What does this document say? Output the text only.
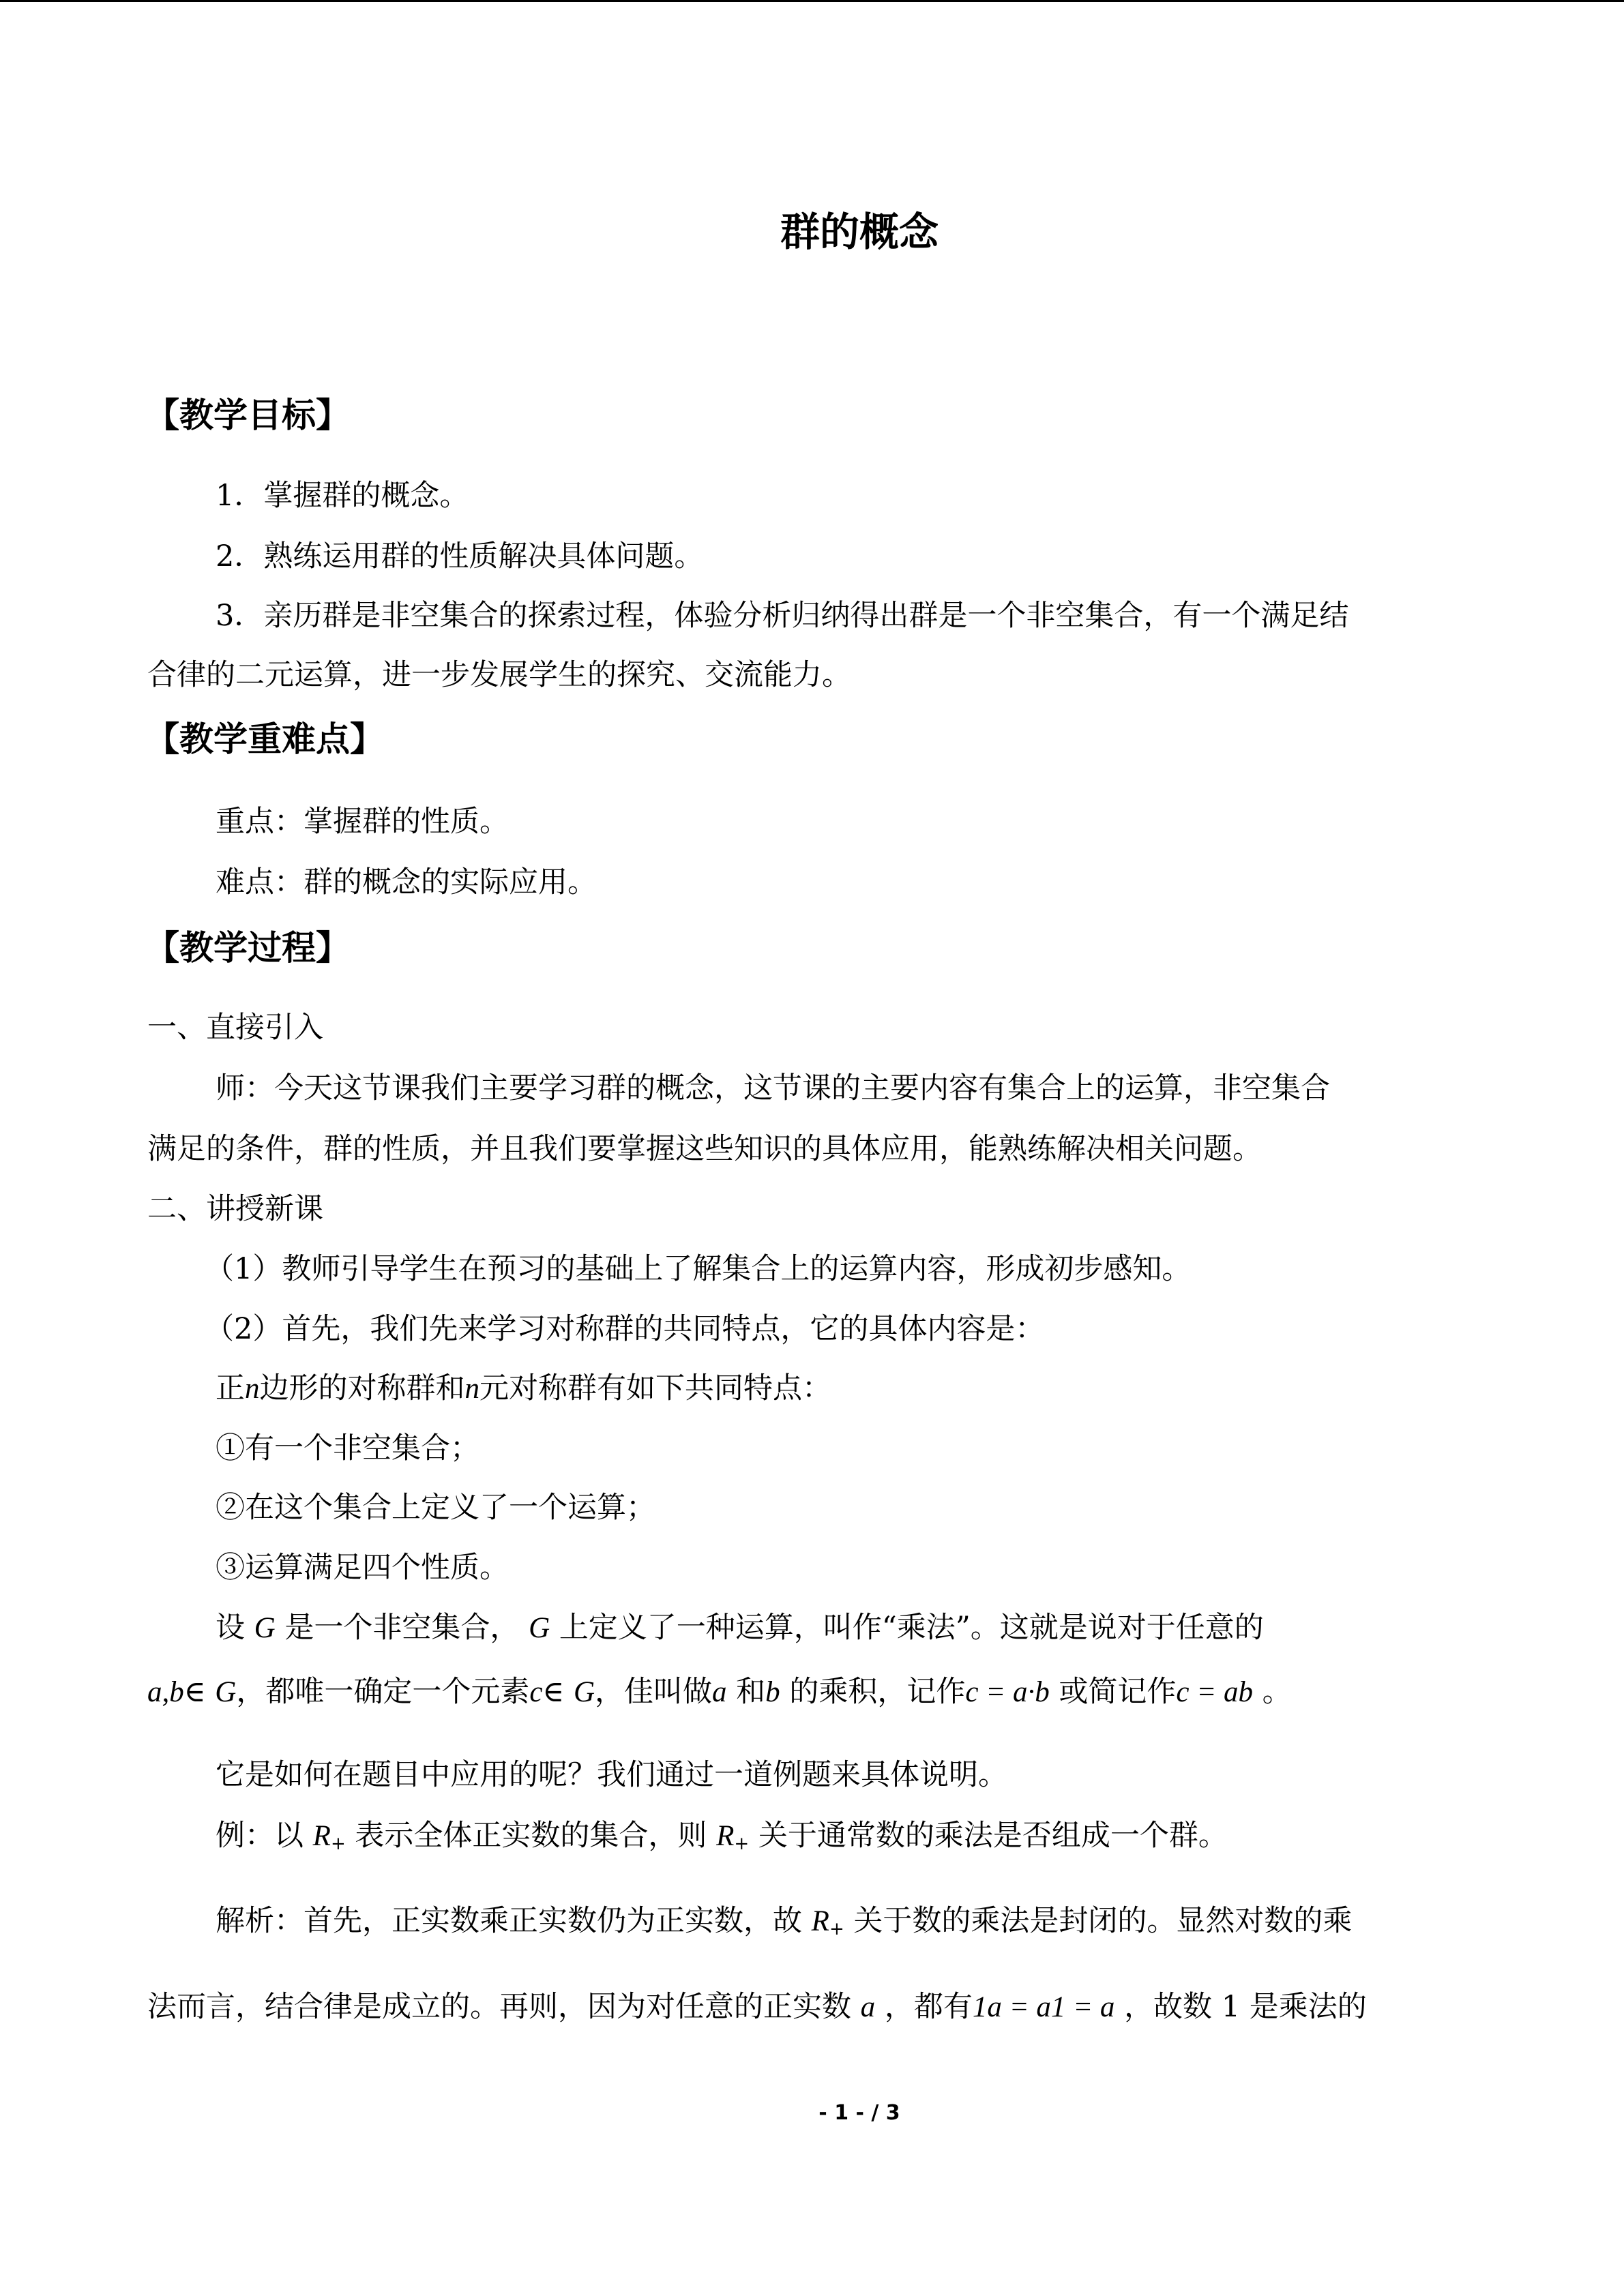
群的概念
【教学目标】
1．掌握群的概念。
2．熟练运用群的性质解决具体问题。
3．亲历群是非空集合的探索过程，体验分析归纳得出群是一个非空集合，有一个满足结
合律的二元运算，进一步发展学生的探究、交流能力。
【教学重难点】
重点：掌握群的性质。
难点：群的概念的实际应用。
【教学过程】
一、直接引入
师：今天这节课我们主要学习群的概念，这节课的主要内容有集合上的运算，非空集合
满足的条件，群的性质，并且我们要掌握这些知识的具体应用，能熟练解决相关问题。
二、讲授新课
（1）教师引导学生在预习的基础上了解集合上的运算内容，形成初步感知。
（2）首先，我们先来学习对称群的共同特点，它的具体内容是：
正n边形的对称群和n元对称群有如下共同特点：
①有一个非空集合；
②在这个集合上定义了一个运算；
③运算满足四个性质。
设 G 是一个非空集合， G 上定义了一种运算，叫作“乘法”。这就是说对于任意的
a,b∈ G，都唯一确定一个元素c∈ G，佳叫做a 和b 的乘积，记作c = a·b 或简记作c = ab 。
它是如何在题目中应用的呢？我们通过一道例题来具体说明。
例：以 $R_+$ 表示全体正实数的集合，则 $R_+$ 关于通常数的乘法是否组成一个群。
解析：首先，正实数乘正实数仍为正实数，故 $R_+$ 关于数的乘法是封闭的。显然对数的乘
法而言，结合律是成立的。再则，因为对任意的正实数 a ，都有1a = a1 = a ，故数 1 是乘法的
- 1 - / 3
